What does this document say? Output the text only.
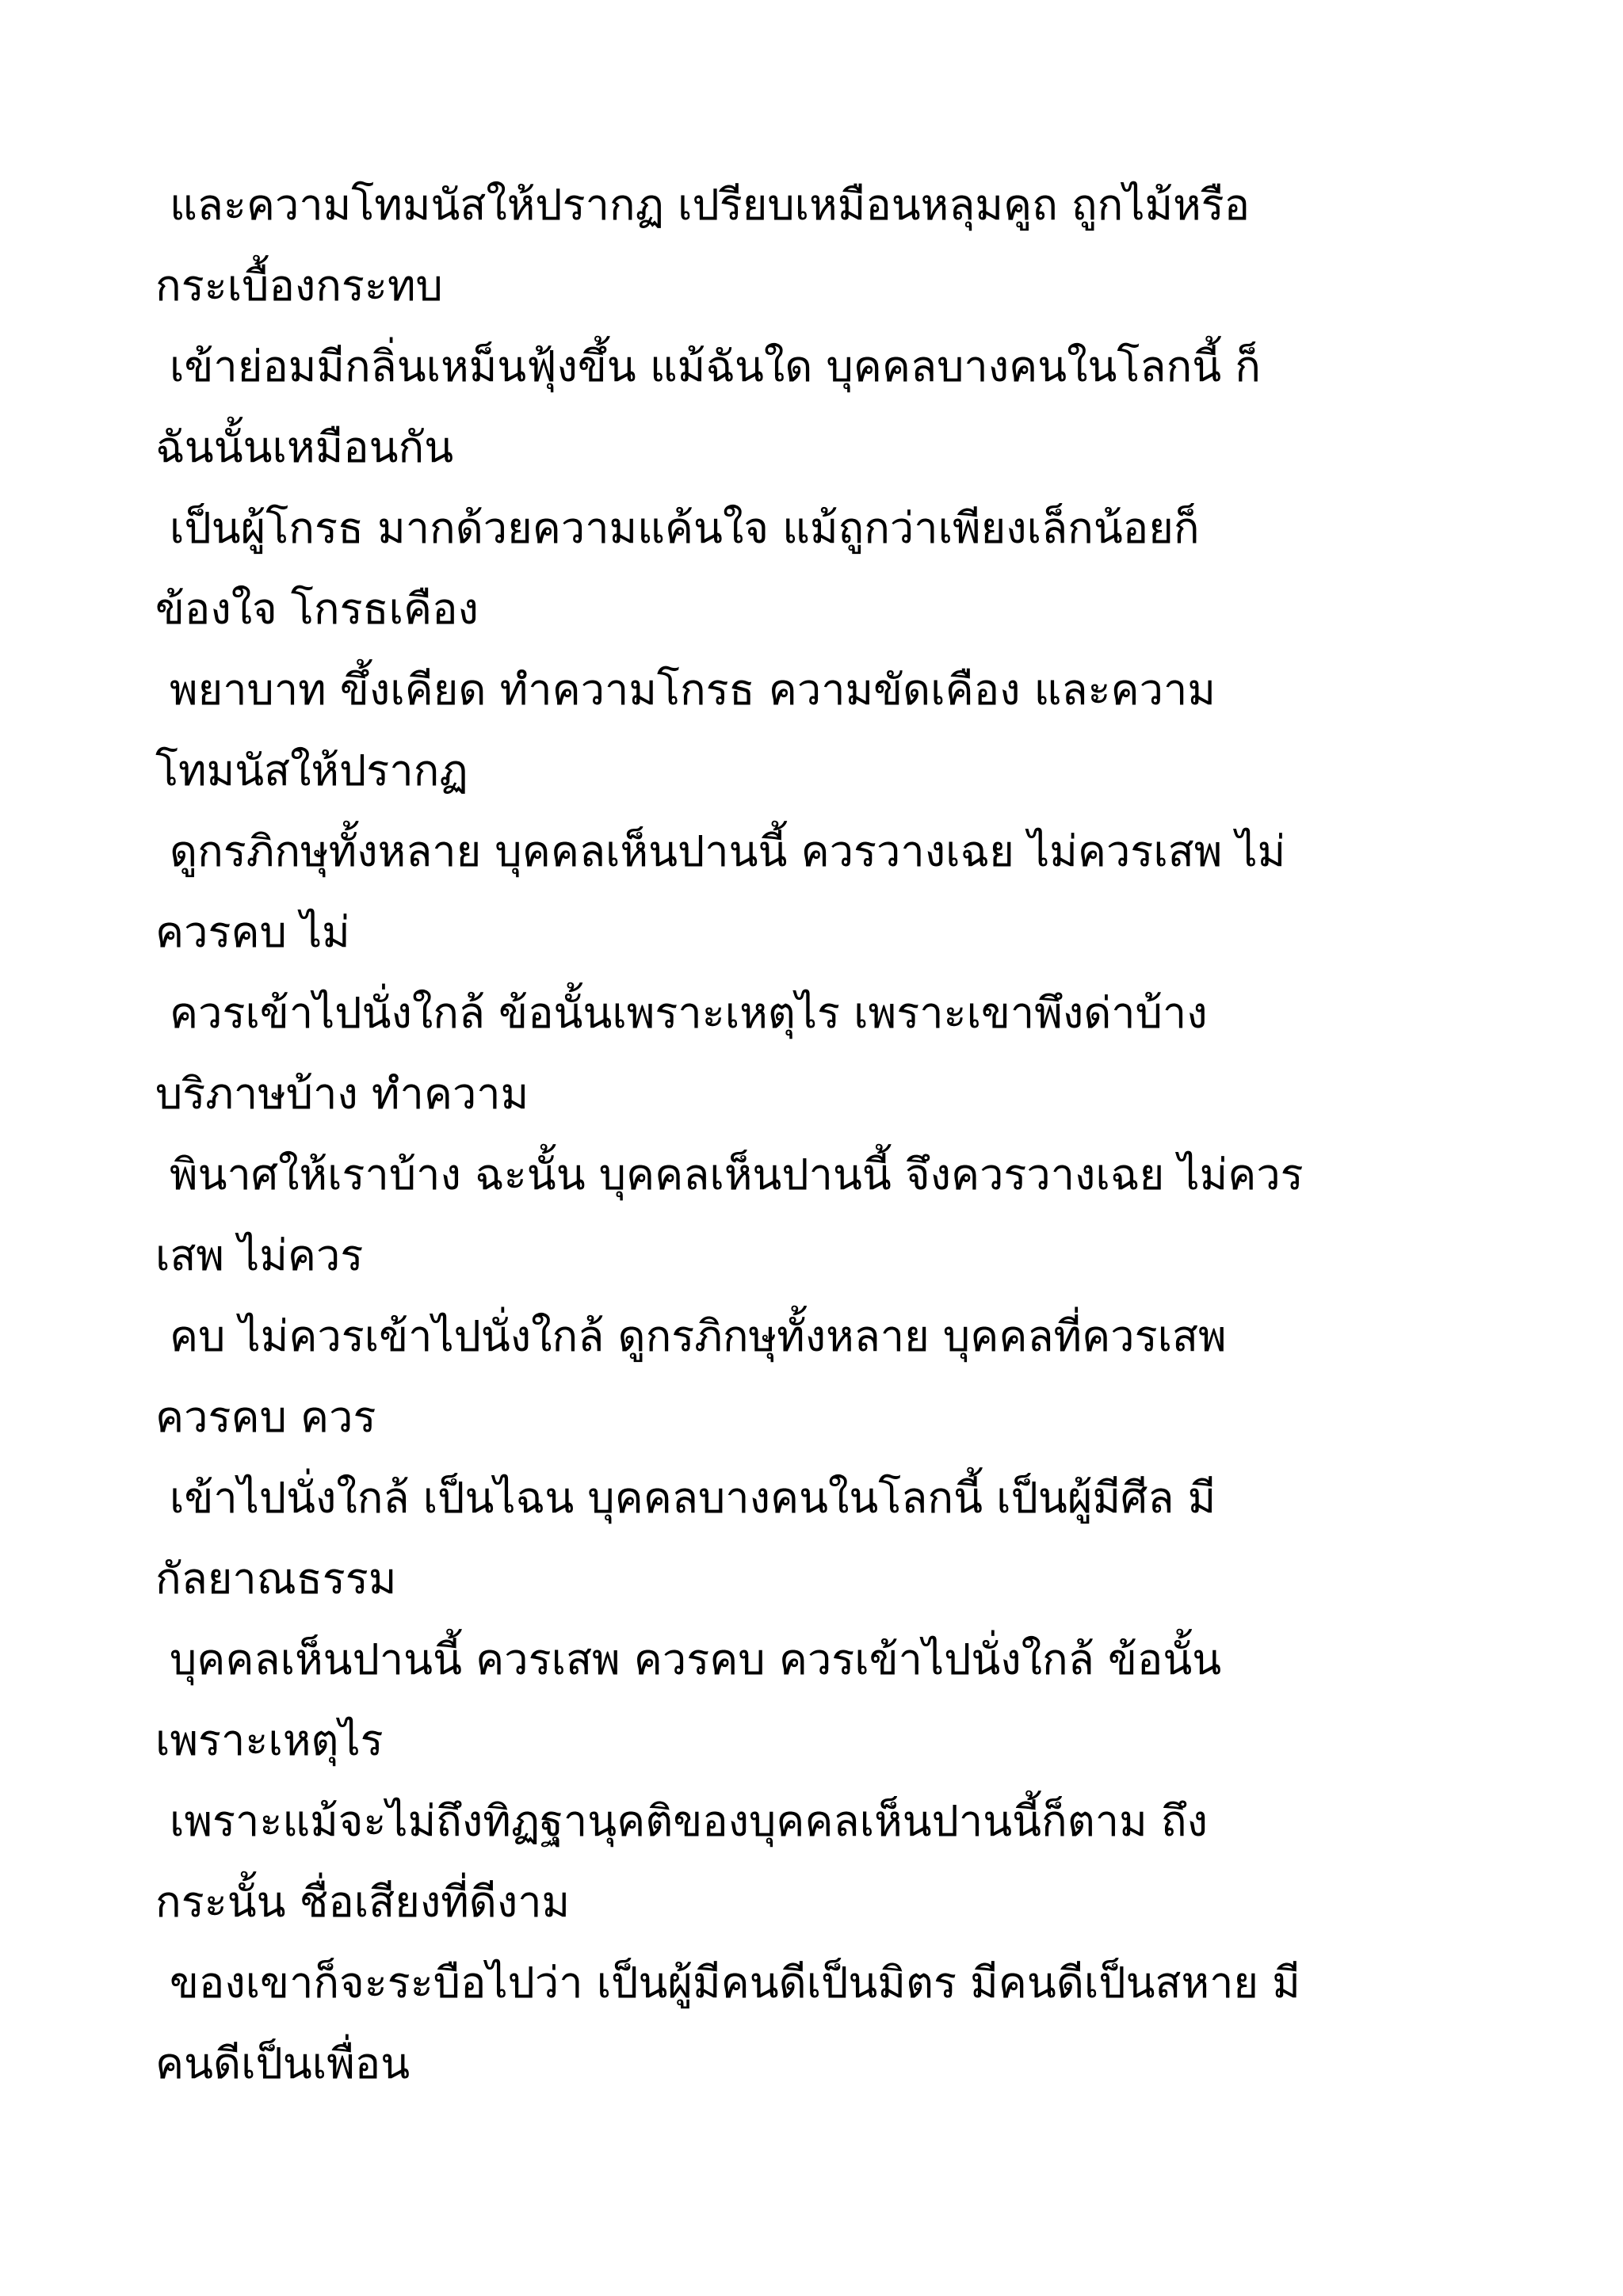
และความโทมนัสให้ปรากฏ เปรียบเหมือนหลุมคูถ ถูกไม้หรือ
กระเบื้องกระทบ

เข้าย่อมมีกลิ่นเหม็นฟุ้งขึ้น แม้ฉันใด บุคคลบางคนในโลกนี้ ก็
ฉันนั้นเหมือนกัน

เป็นผู้โกรธ มากด้วยความแค้นใจ แม้ถูกว่าเพียงเล็กน้อยก็
ข้องใจ โกรธเคือง

พยาบาท ขึ้งเคียด ทำความโกรธ ความขัดเคือง และความ
โทมนัสให้ปรากฏ

ดูกรภิกษุทั้งหลาย บุคคลเห็นปานนี้ ควรวางเฉย ไม่ควรเสพ ไม่
ควรคบ ไม่

ควรเข้าไปนั่งใกล้ ข้อนั้นเพราะเหตุไร เพราะเขาพึงด่าบ้าง
บริภาษบ้าง ทำความ

พินาศให้เราบ้าง ฉะนั้น บุคคลเห็นปานนี้ จึงควรวางเฉย ไม่ควร
เสพ ไม่ควร

คบ ไม่ควรเข้าไปนั่งใกล้ ดูกรภิกษุทั้งหลาย บุคคลที่ควรเสพ
ควรคบ ควร

เข้าไปนั่งใกล้ เป็นไฉน บุคคลบางคนในโลกนี้ เป็นผู้มีศีล มี
กัลยาณธรรม

บุคคลเห็นปานนี้ ควรเสพ ควรคบ ควรเข้าไปนั่งใกล้ ข้อนั้น
เพราะเหตุไร

เพราะแม้จะไม่ถึงทิฏฐานุคติของบุคคลเห็นปานนี้ก็ตาม ถึง
กระนั้น ชื่อเสียงที่ดีงาม

ของเขาก็จะระบือไปว่า เป็นผู้มีคนดีเป็นมิตร มีคนดีเป็นสหาย มี
คนดีเป็นเพื่อน
